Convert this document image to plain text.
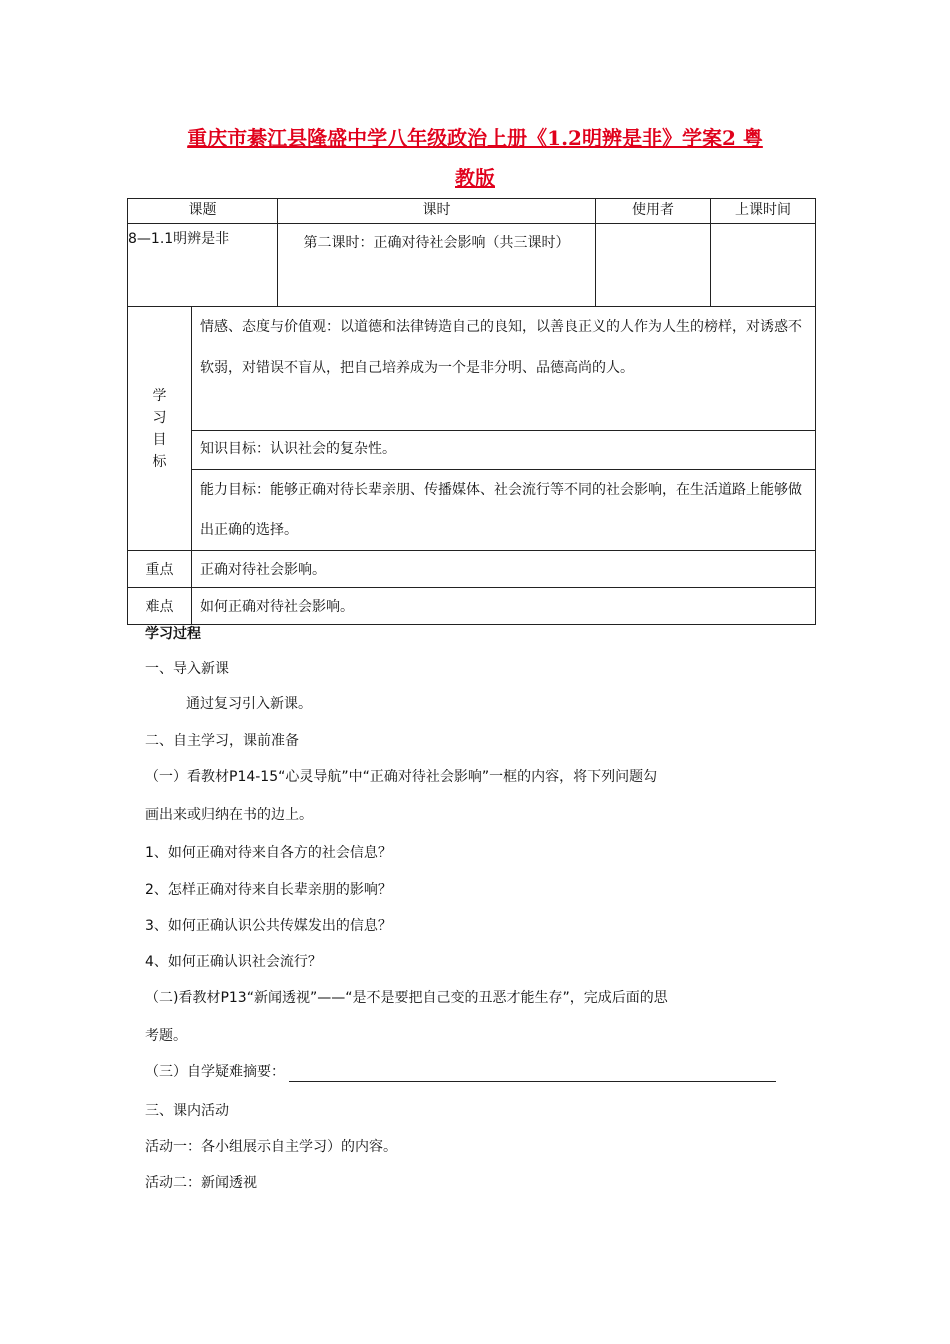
重庆市綦江县隆盛中学八年级政治上册《1.2明辨是非》学案2 粤
教版
课题		课时	使用者	上课时间
8—1.1明辨是非		第二课时：正确对待社会影响（共三课时）		

学习目标	情感、态度与价值观：以道德和法律铸造自己的良知，以善良正义的人作为人生的榜样，对诱惑不软弱，对错误不盲从，把自己培养成为一个是非分明、品德高尚的人。			

	知识目标：认识社会的复杂性。			

	能力目标：能够正确对待长辈亲朋、传播媒体、社会流行等不同的社会影响，在生活道路上能够做出正确的选择。			

重点	正确对待社会影响。			
难点	如何正确对待社会影响。			
学习过程
一、导入新课
通过复习引入新课。
二、自主学习，课前准备
（一）看教材P14-15“心灵导航”中“正确对待社会影响”一框的内容，将下列问题勾
画出来或归纳在书的边上。
1、如何正确对待来自各方的社会信息？
2、怎样正确对待来自长辈亲朋的影响？
3、如何正确认识公共传媒发出的信息？
4、如何正确认识社会流行？
（二)看教材P13“新闻透视”——“是不是要把自己变的丑恶才能生存”，完成后面的思
考题。
（三）自学疑难摘要：
三、课内活动
活动一：各小组展示自主学习）的内容。
活动二：新闻透视
